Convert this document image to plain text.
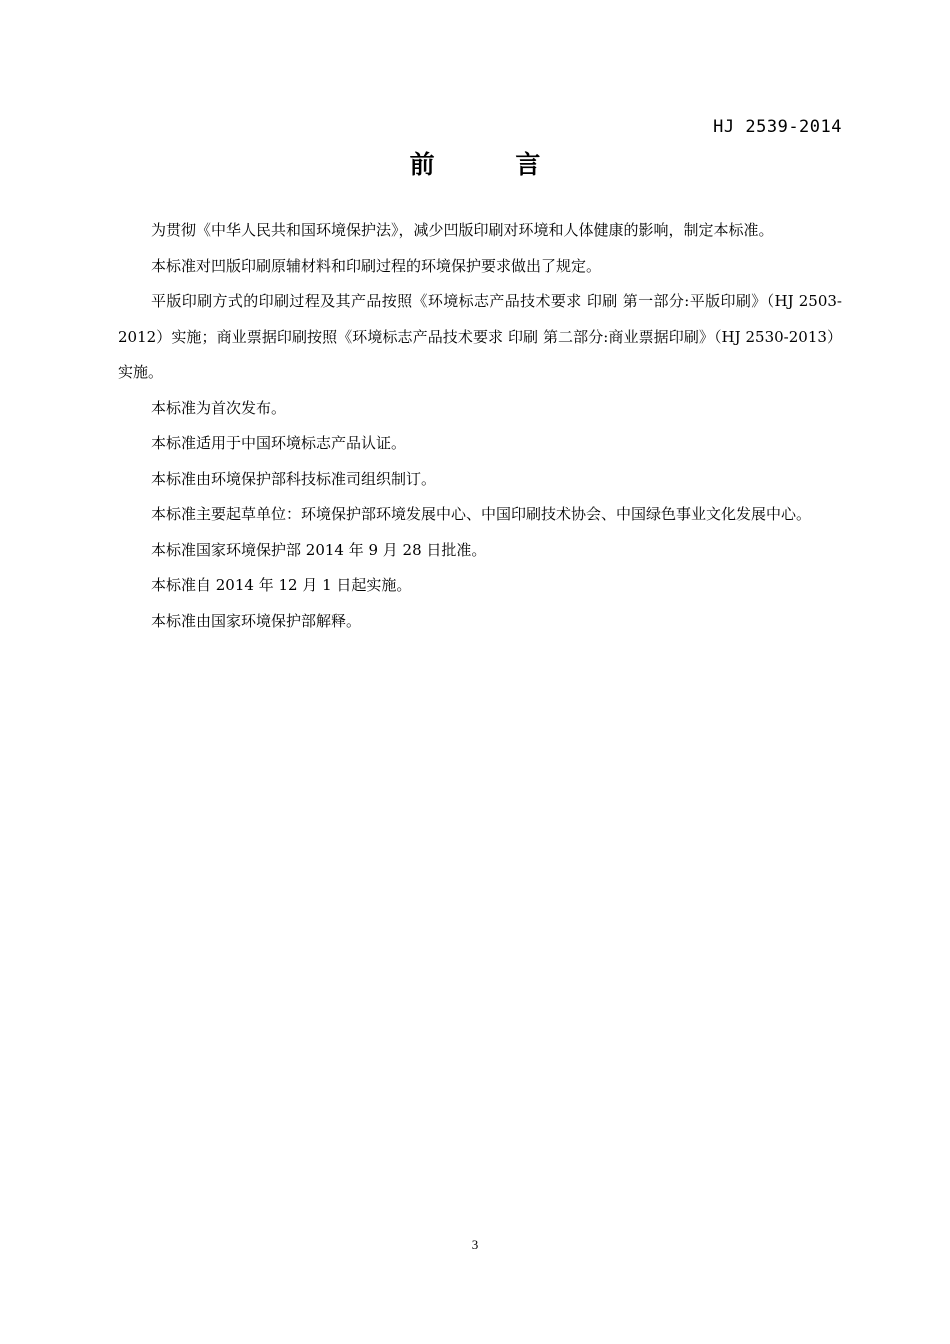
HJ 2539-2014
前 言

为贯彻《中华人民共和国环境保护法》，减少凹版印刷对环境和人体健康的影响，制定本标准。

本标准对凹版印刷原辅材料和印刷过程的环境保护要求做出了规定。

平版印刷方式的印刷过程及其产品按照《环境标志产品技术要求 印刷 第一部分:平版印刷》（HJ 2503-2012）实施；商业票据印刷按照《环境标志产品技术要求 印刷 第二部分:商业票据印刷》（HJ 2530-2013）实施。

本标准为首次发布。

本标准适用于中国环境标志产品认证。

本标准由环境保护部科技标准司组织制订。

本标准主要起草单位：环境保护部环境发展中心、中国印刷技术协会、中国绿色事业文化发展中心。

本标准国家环境保护部 2014 年 9 月 28 日批准。

本标准自 2014 年 12 月 1 日起实施。

本标准由国家环境保护部解释。

3
